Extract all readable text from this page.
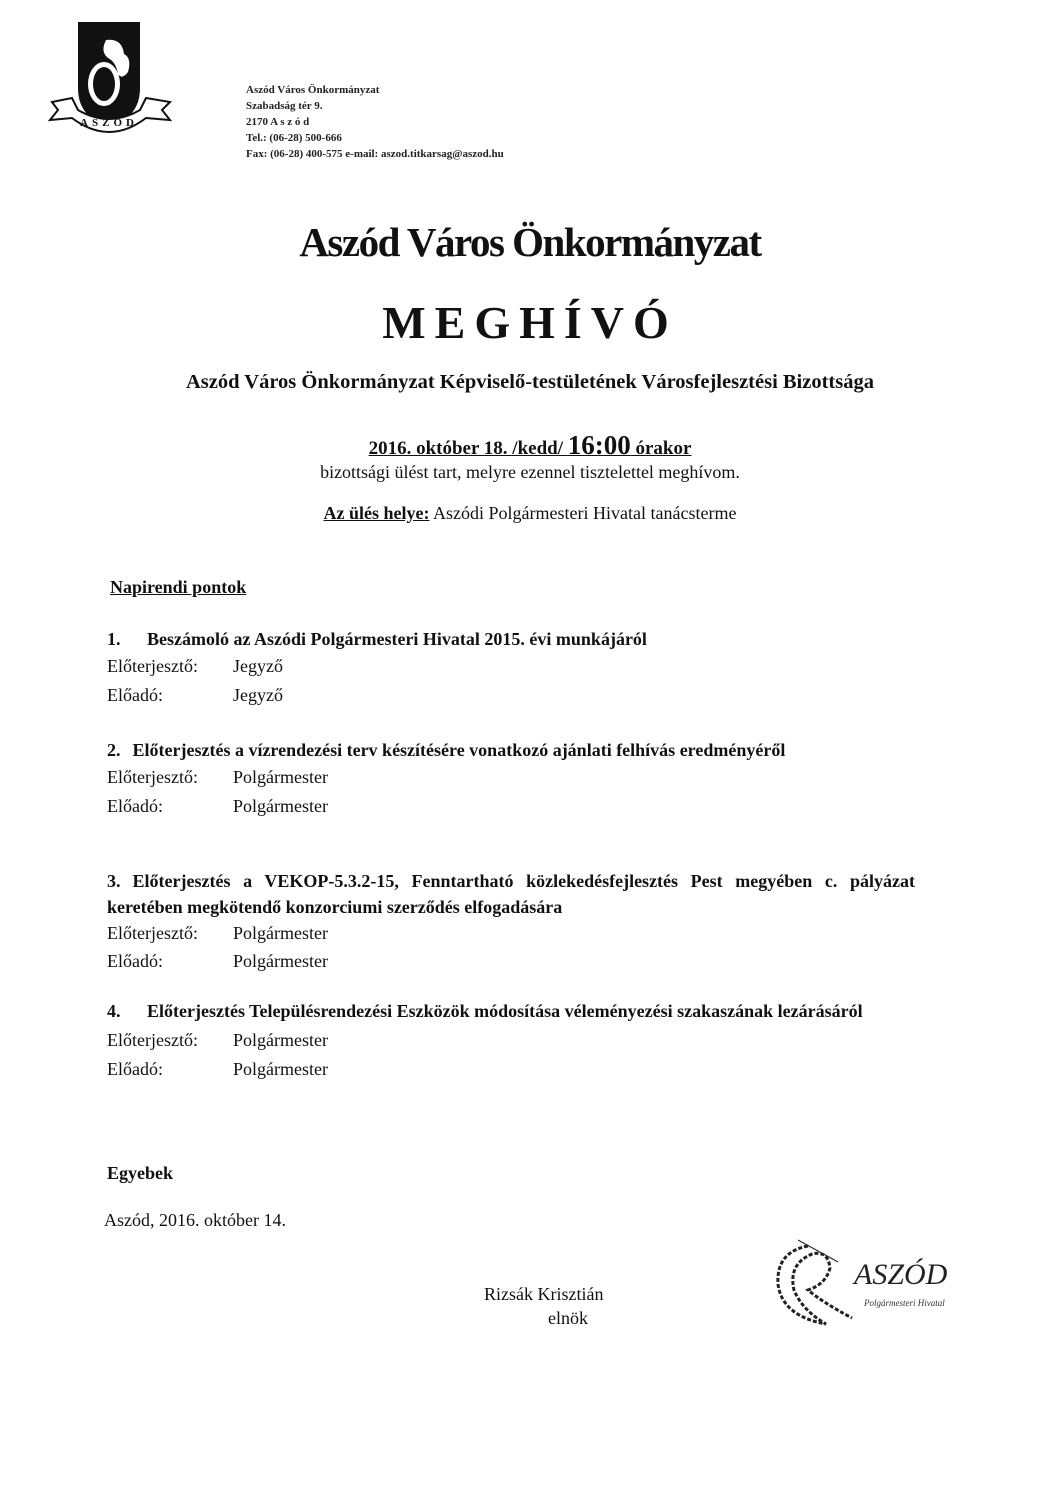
ASZÓD
Aszód Város Önkormányzat
Szabadság tér 9.
2170 A s z ó d
Tel.: (06-28) 500-666
Fax: (06-28) 400-575 e-mail: aszod.titkarsag@aszod.hu
Aszód Város Önkormányzat
MEGHÍVÓ
Aszód Város Önkormányzat Képviselő-testületének Városfejlesztési Bizottsága
2016. október 18. /kedd/ 16:00 órakor
bizottsági ülést tart, melyre ezennel tisztelettel meghívom.
Az ülés helye: Aszódi Polgármesteri Hivatal tanácsterme
Napirendi pontok
1. Beszámoló az Aszódi Polgármesteri Hivatal 2015. évi munkájáról
Előterjesztő: Jegyző
Előadó:	Jegyző
2. Előterjesztés a vízrendezési terv készítésére vonatkozó ajánlati felhívás eredményéről
Előterjesztő: Polgármester
Előadó:	Polgármester
3. Előterjesztés a VEKOP-5.3.2-15, Fenntartható közlekedésfejlesztés Pest megyében c. pályázat keretében megkötendő konzorciumi szerződés elfogadására
Előterjesztő: Polgármester
Előadó:	Polgármester
4. Előterjesztés Településrendezési Eszközök módosítása véleményezési szakaszának lezárásáról
Előterjesztő: Polgármester
Előadó:	Polgármester
Egyebek
Aszód, 2016. október 14.
Rizsák Krisztián
elnök
ASZÓD
Polgármesteri Hivatal
